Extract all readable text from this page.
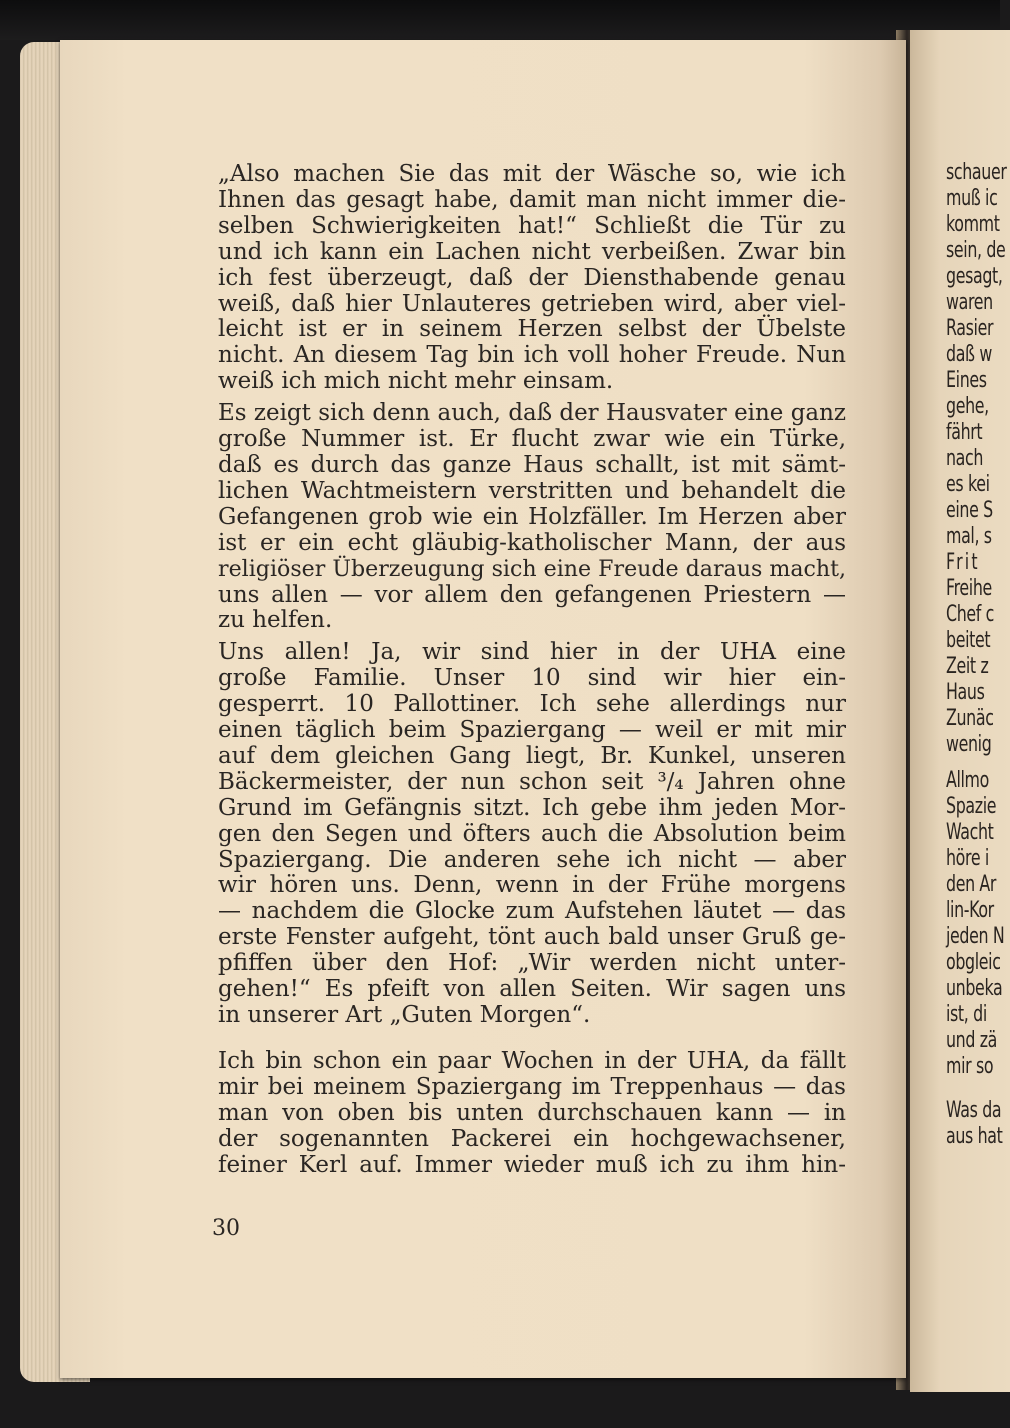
schauer
muß ic
kommt
sein, de
gesagt,
waren
Rasier
daß w
Eines
gehe,
fährt
nach
es kei
eine S
mal, s
Frit
Freihe
Chef c
beitet
Zeit z
Haus
Zunäc
wenig
Allmo
Spazie
Wacht
höre i
den Ar
lin-Kor
jeden N
obgleic
unbeka
ist, di
und zä
mir so
Was da
aus hat

„Also machen Sie das mit der Wäsche so, wie ich
Ihnen das gesagt habe, damit man nicht immer die-
selben Schwierigkeiten hat!“ Schließt die Tür zu
und ich kann ein Lachen nicht verbeißen. Zwar bin
ich fest überzeugt, daß der Diensthabende genau
weiß, daß hier Unlauteres getrieben wird, aber viel-
leicht ist er in seinem Herzen selbst der Übelste
nicht. An diesem Tag bin ich voll hoher Freude. Nun
weiß ich mich nicht mehr einsam.

Es zeigt sich denn auch, daß der Hausvater eine ganz
große Nummer ist. Er flucht zwar wie ein Türke,
daß es durch das ganze Haus schallt, ist mit sämt-
lichen Wachtmeistern verstritten und behandelt die
Gefangenen grob wie ein Holzfäller. Im Herzen aber
ist er ein echt gläubig-katholischer Mann, der aus
religiöser Überzeugung sich eine Freude daraus macht,
uns allen — vor allem den gefangenen Priestern —
zu helfen.

Uns allen! Ja, wir sind hier in der UHA eine
große Familie. Unser 10 sind wir hier ein-
gesperrt. 10 Pallottiner. Ich sehe allerdings nur
einen täglich beim Spaziergang — weil er mit mir
auf dem gleichen Gang liegt, Br. Kunkel, unseren
Bäckermeister, der nun schon seit ³/₄ Jahren ohne
Grund im Gefängnis sitzt. Ich gebe ihm jeden Mor-
gen den Segen und öfters auch die Absolution beim
Spaziergang. Die anderen sehe ich nicht — aber
wir hören uns. Denn, wenn in der Frühe morgens
— nachdem die Glocke zum Aufstehen läutet — das
erste Fenster aufgeht, tönt auch bald unser Gruß ge-
pfiffen über den Hof: „Wir werden nicht unter-
gehen!“ Es pfeift von allen Seiten. Wir sagen uns
in unserer Art „Guten Morgen“.

Ich bin schon ein paar Wochen in der UHA, da fällt
mir bei meinem Spaziergang im Treppenhaus — das
man von oben bis unten durchschauen kann — in
der sogenannten Packerei ein hochgewachsener,
feiner Kerl auf. Immer wieder muß ich zu ihm hin-

30
